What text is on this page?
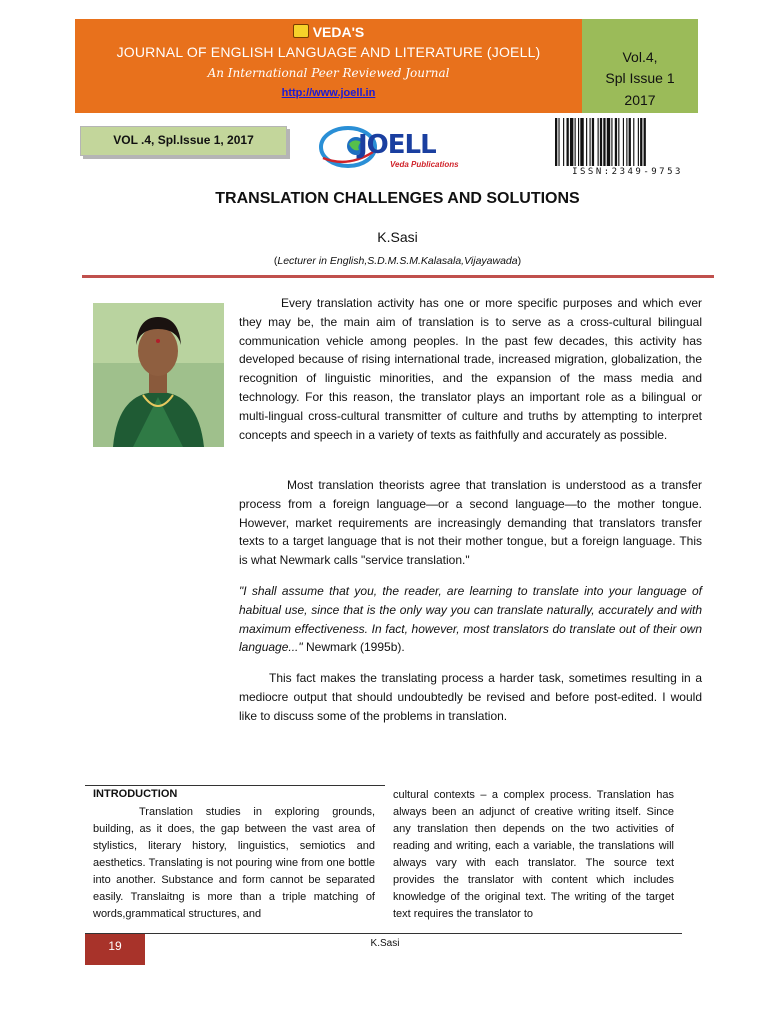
VEDA'S
JOURNAL OF ENGLISH LANGUAGE AND LITERATURE (JOELL)
An International Peer Reviewed Journal
http://www.joell.in
Vol.4,
Spl Issue 1
2017
VOL .4, Spl.Issue 1, 2017	JOELL
Veda Publications
ISSN:2349-9753
TRANSLATION CHALLENGES AND SOLUTIONS
K.Sasi
(Lecturer in English,S.D.M.S.M.Kalasala,Vijayawada)
Every translation activity has one or more specific purposes and which ever they may be, the main aim of translation is to serve as a cross-cultural bilingual communication vehicle among peoples. In the past few decades, this activity has developed because of rising international trade, increased migration, globalization, the recognition of linguistic minorities, and the expansion of the mass media and technology. For this reason, the translator plays an important role as a bilingual or multi-lingual cross-cultural transmitter of culture and truths by attempting to interpret concepts and speech in a variety of texts as faithfully and accurately as possible.
Most translation theorists agree that translation is understood as a transfer process from a foreign language—or a second language—to the mother tongue. However, market requirements are increasingly demanding that translators transfer texts to a target language that is not their mother tongue, but a foreign language. This is what Newmark calls "service translation."
"I shall assume that you, the reader, are learning to translate into your language of habitual use, since that is the only way you can translate naturally, accurately and with maximum effectiveness. In fact, however, most translators do translate out of their own language..." Newmark (1995b).
This fact makes the translating process a harder task, sometimes resulting in a mediocre output that should undoubtedly be revised and before post-edited. I would like to discuss some of the problems in translation.
INTRODUCTION
Translation studies in exploring grounds, building, as it does, the gap between the vast area of stylistics, literary history, linguistics, semiotics and aesthetics. Translating is not pouring wine from one bottle into another. Substance and form cannot be separated easily. Translaitng is more than a triple matching of words,grammatical structures, and
cultural contexts – a complex process. Translation has always been an adjunct of creative writing itself. Since any translation then depends on the two activities of reading and writing, each a variable, the translations will always vary with each translator. The source text provides the translator with content which includes knowledge of the original text. The writing of the target text requires the translator to
19	K.Sasi
